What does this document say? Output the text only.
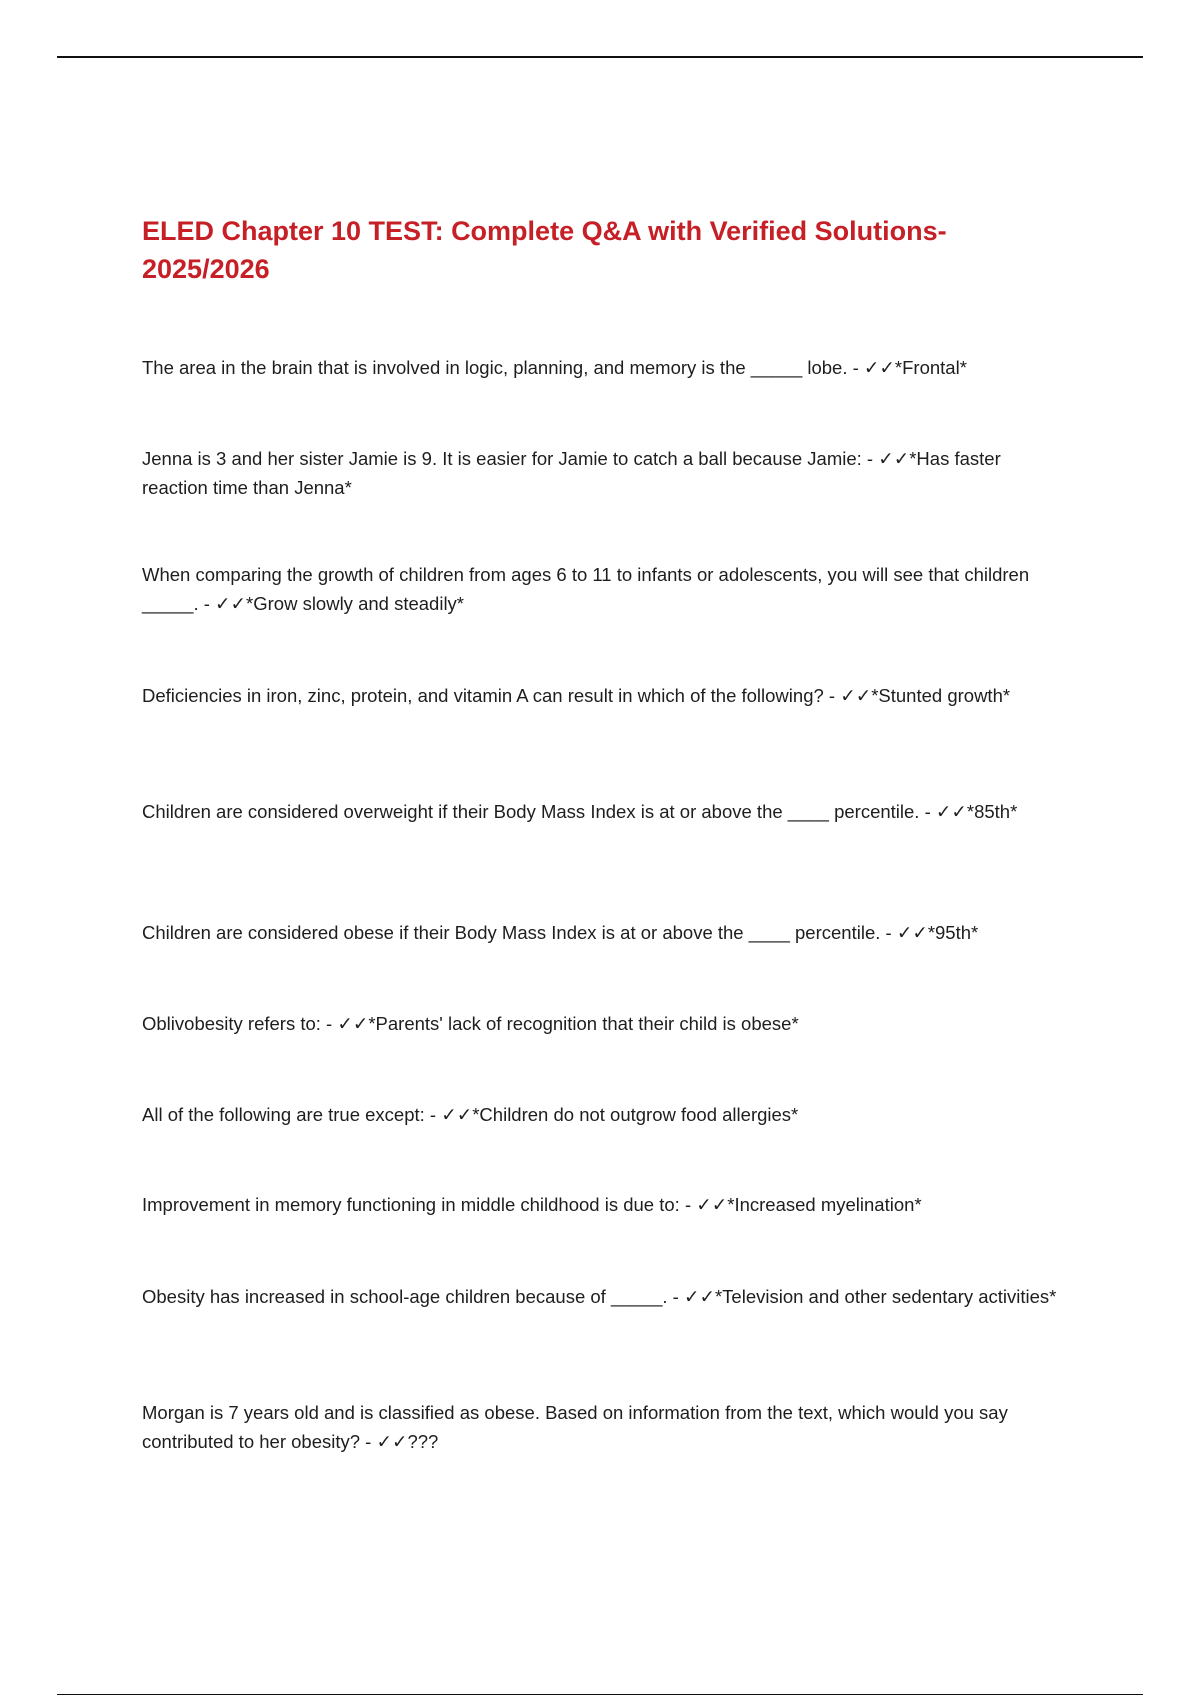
ELED Chapter 10 TEST: Complete Q&A with Verified Solutions- 2025/2026

The area in the brain that is involved in logic, planning, and memory is the _____ lobe. - ✓✓*Frontal*

Jenna is 3 and her sister Jamie is 9. It is easier for Jamie to catch a ball because Jamie: - ✓✓*Has faster reaction time than Jenna*

When comparing the growth of children from ages 6 to 11 to infants or adolescents, you will see that children _____. - ✓✓*Grow slowly and steadily*

Deficiencies in iron, zinc, protein, and vitamin A can result in which of the following? - ✓✓*Stunted growth*

Children are considered overweight if their Body Mass Index is at or above the ____ percentile. - ✓✓*85th*

Children are considered obese if their Body Mass Index is at or above the ____ percentile. - ✓✓*95th*

Oblivobesity refers to: - ✓✓*Parents' lack of recognition that their child is obese*

All of the following are true except: - ✓✓*Children do not outgrow food allergies*

Improvement in memory functioning in middle childhood is due to: - ✓✓*Increased myelination*

Obesity has increased in school-age children because of _____. - ✓✓*Television and other sedentary activities*

Morgan is 7 years old and is classified as obese. Based on information from the text, which would you say contributed to her obesity? - ✓✓???
